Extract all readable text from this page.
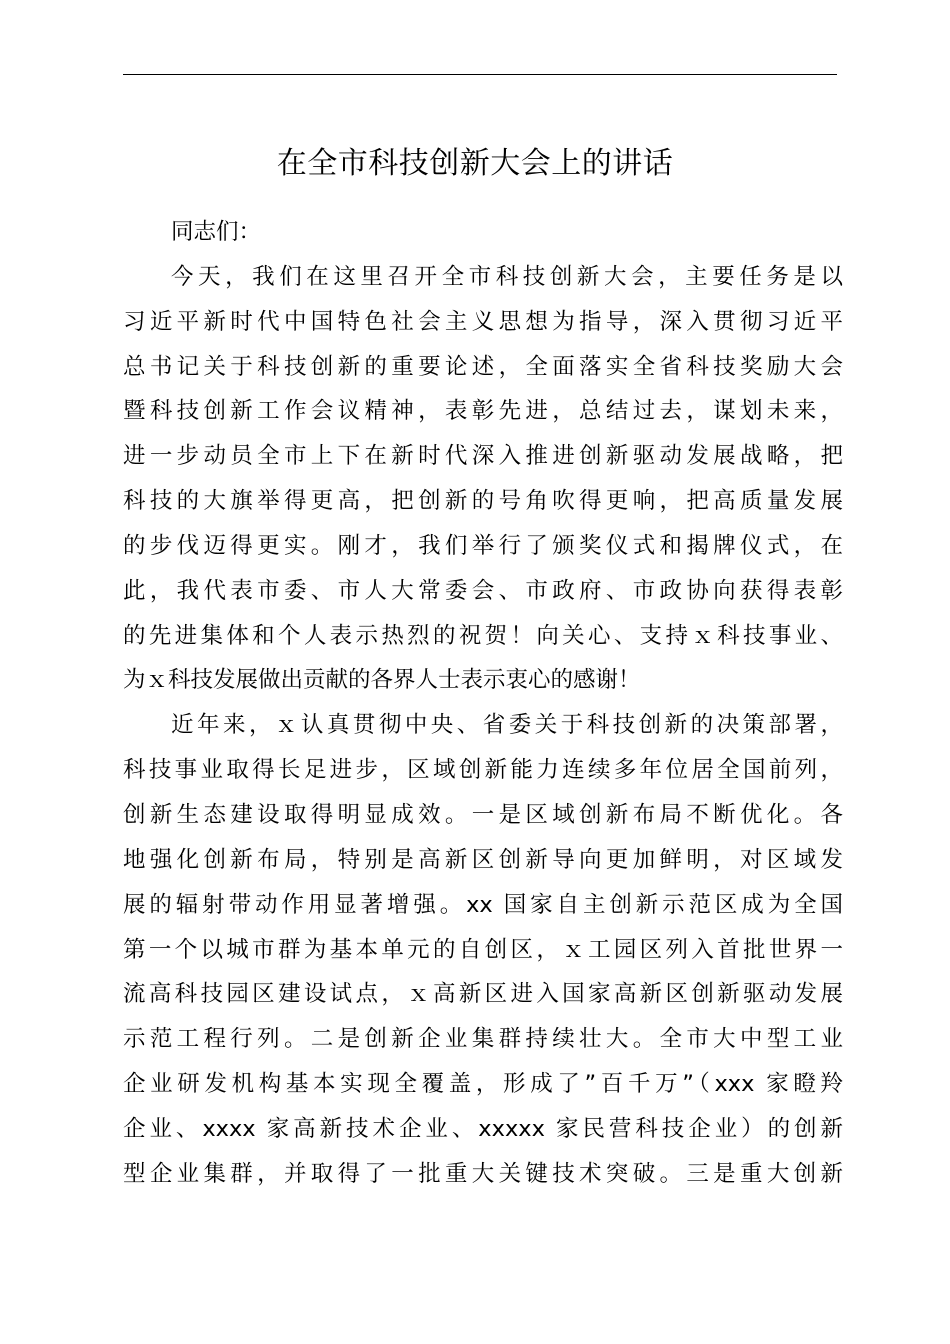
在全市科技创新大会上的讲话
同志们：
今天，我们在这里召开全市科技创新大会，主要任务是以
习近平新时代中国特色社会主义思想为指导，深入贯彻习近平
总书记关于科技创新的重要论述，全面落实全省科技奖励大会
暨科技创新工作会议精神，表彰先进，总结过去，谋划未来，
进一步动员全市上下在新时代深入推进创新驱动发展战略，把
科技的大旗举得更高，把创新的号角吹得更响，把高质量发展
的步伐迈得更实。刚才，我们举行了颁奖仪式和揭牌仪式，在
此，我代表市委、市人大常委会、市政府、市政协向获得表彰
的先进集体和个人表示热烈的祝贺！向关心、支持ｘ科技事业、
为ｘ科技发展做出贡献的各界人士表示衷心的感谢！
近年来，ｘ认真贯彻中央、省委关于科技创新的决策部署，
科技事业取得长足进步，区域创新能力连续多年位居全国前列，
创新生态建设取得明显成效。一是区域创新布局不断优化。各
地强化创新布局，特别是高新区创新导向更加鲜明，对区域发
展的辐射带动作用显著增强。xx 国家自主创新示范区成为全国
第一个以城市群为基本单元的自创区，ｘ工园区列入首批世界一
流高科技园区建设试点，ｘ高新区进入国家高新区创新驱动发展
示范工程行列。二是创新企业集群持续壮大。全市大中型工业
企业研发机构基本实现全覆盖，形成了”百千万”（xxx 家瞪羚
企业、xxxx 家高新技术企业、xxxxx 家民营科技企业）的创新
型企业集群，并取得了一批重大关键技术突破。三是重大创新
